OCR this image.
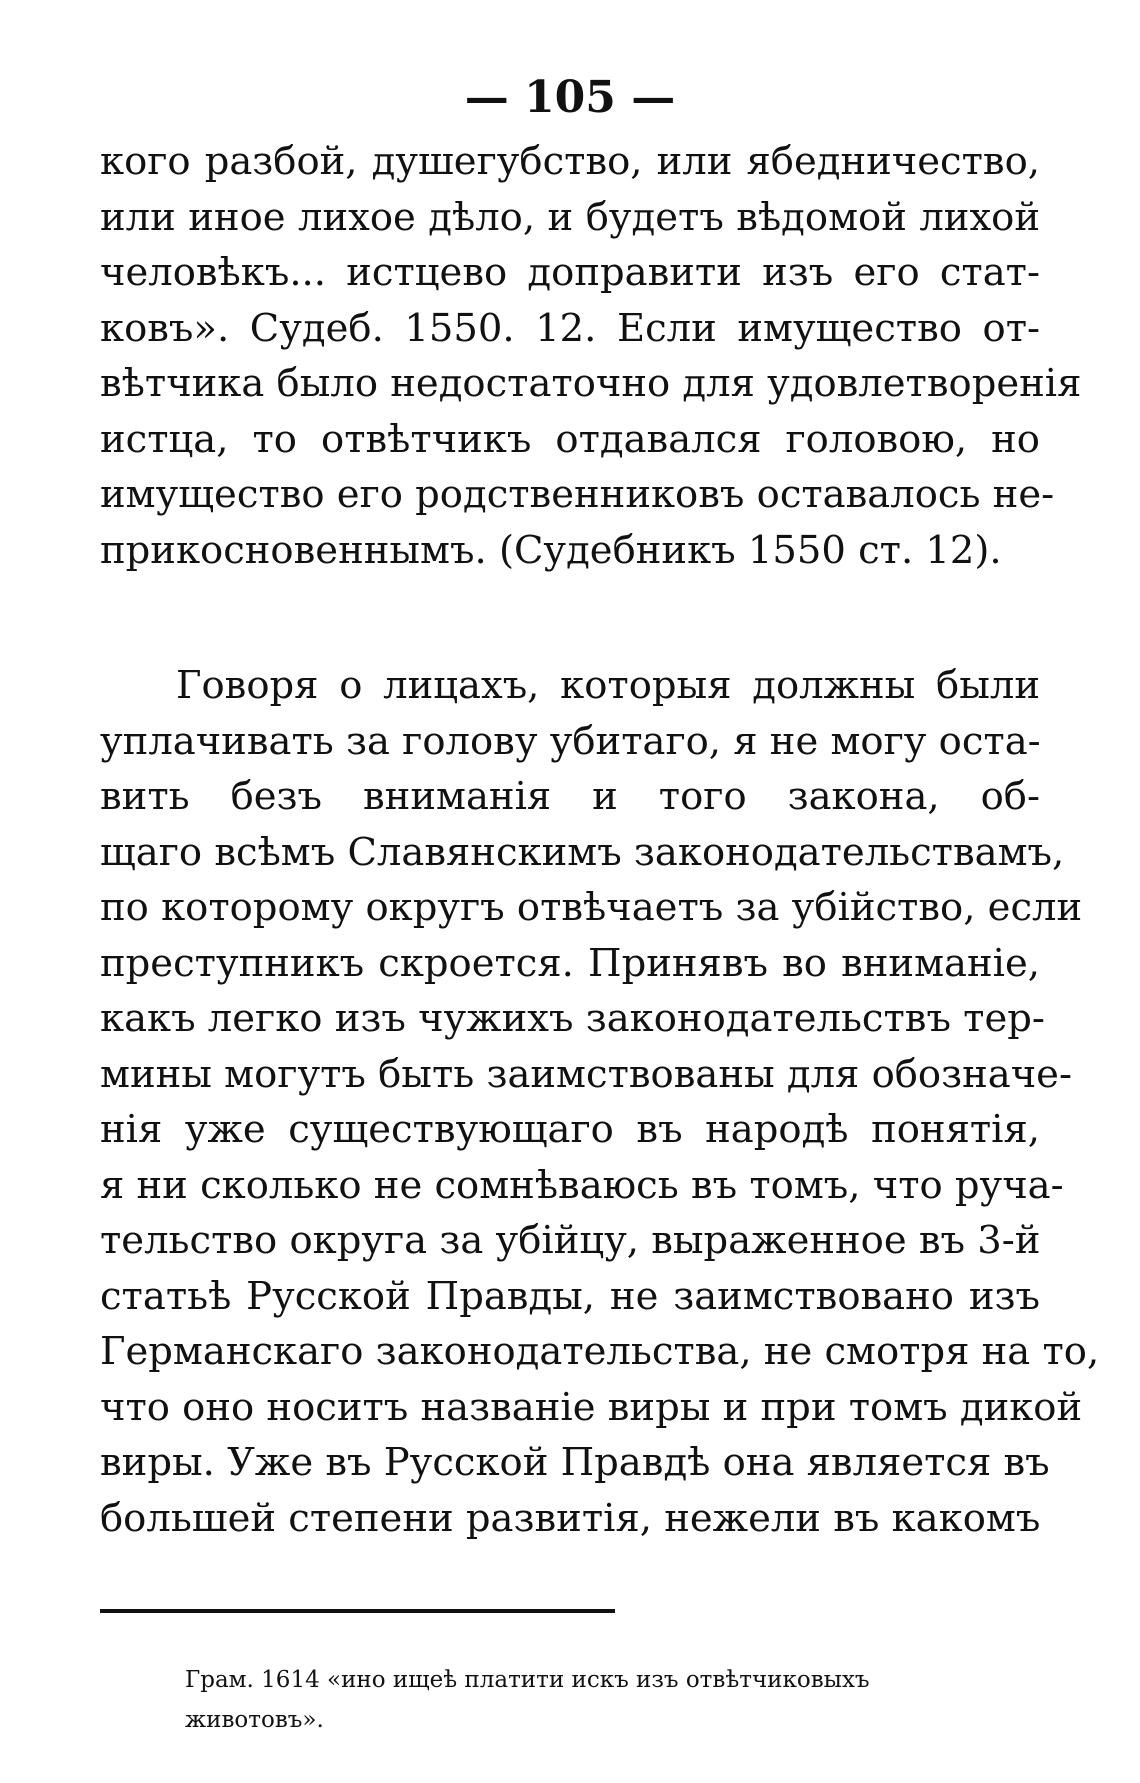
— 105 —
кого разбой, душегубство, или ябедничество,
или иное лихое дѣло, и будетъ вѣдомой лихой
человѣкъ... истцево доправити изъ его стат-
ковъ». Судеб. 1550. 12. Если имущество от-
вѣтчика было недостаточно для удовлетворенія
истца, то отвѣтчикъ отдавался головою, но
имущество его родственниковъ оставалось не-
прикосновеннымъ. (Судебникъ 1550 ст. 12).
Говоря о лицахъ, которыя должны были
уплачивать за голову убитаго, я не могу оста-
вить безъ вниманія и того закона, об-
щаго всѣмъ Славянскимъ законодательствамъ,
по которому округъ отвѣчаетъ за убійство, если
преступникъ скроется. Принявъ во вниманіе,
какъ легко изъ чужихъ законодательствъ тер-
мины могутъ быть заимствованы для обозначе-
нія уже существующаго въ народѣ понятія,
я ни сколько не сомнѣваюсь въ томъ, что руча-
тельство округа за убійцу, выраженное въ 3-й
статьѣ Русской Правды, не заимствовано изъ
Германскаго законодательства, не смотря на то,
что оно носитъ названіе виры и при томъ дикой
виры. Уже въ Русской Правдѣ она является въ
большей степени развитія, нежели въ какомъ
Грам. 1614 «ино ищеѣ платити искъ изъ отвѣтчиковыхъ
животовъ».
